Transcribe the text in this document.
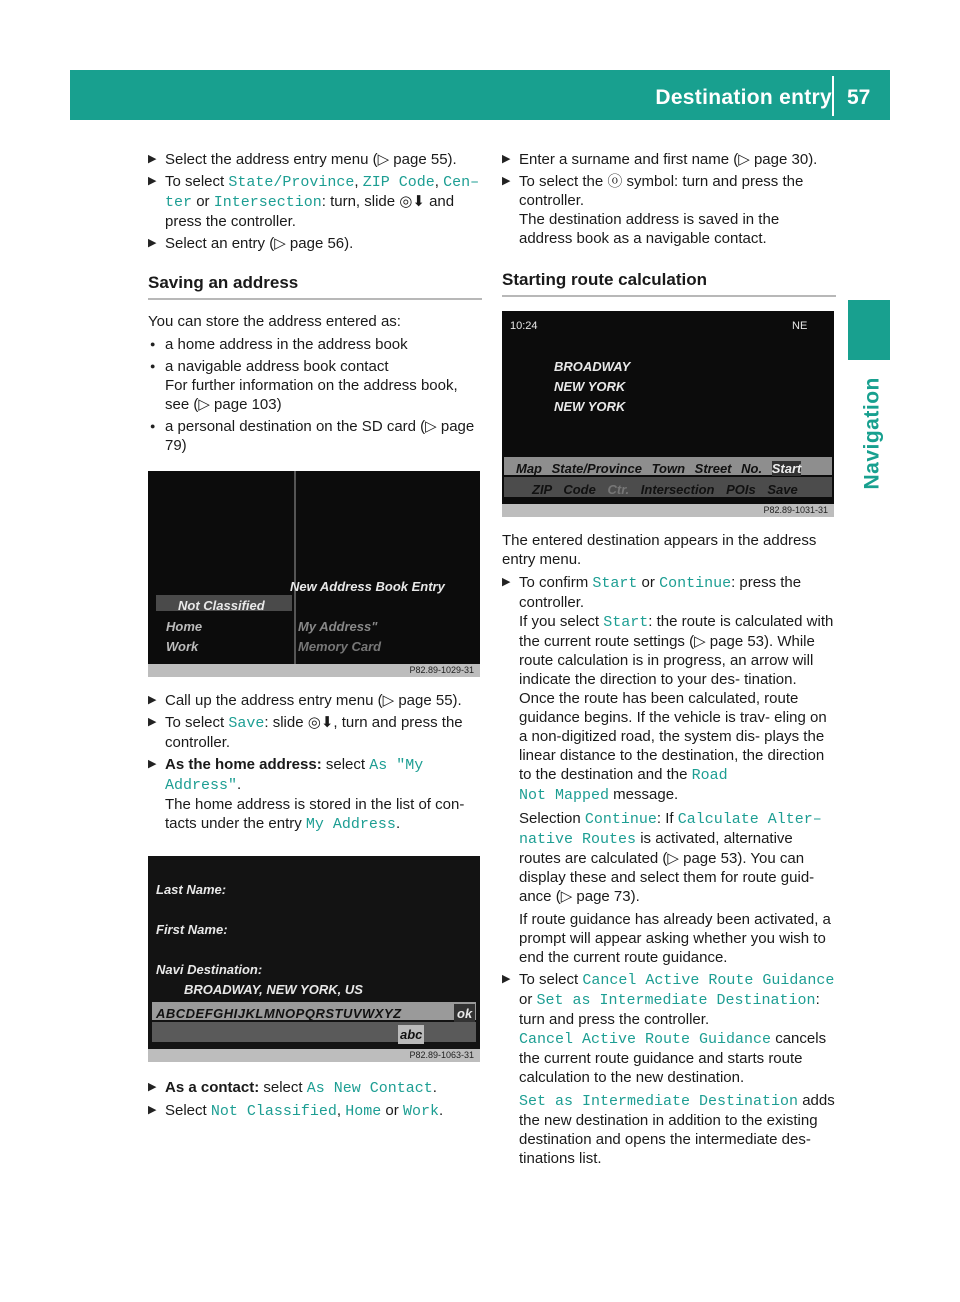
Destination entry 57
Navigation
▶ Select the address entry menu (▷ page 55).
▶ To select State/Province, ZIP Code, Cen–
ter or Intersection: turn, slide ◎⬇ and press the controller.
▶ Select an entry (▷ page 56).
Saving an address

You can store the address entered as:

● a home address in the address book
● a navigable address book contact
For further information on the address book, see (▷ page 103)
● a personal destination on the SD card (▷ page 79)
New Address Book Entry
Not Classified
Home	My Address"
Work	Memory Card
P82.89-1029-31
▶ Call up the address entry menu (▷ page 55).
▶ To select Save: slide ◎⬇, turn and press the controller.
▶ As the home address: select As "My
Address".
The home address is stored in the list of con- tacts under the entry My Address.
Last Name:
First Name:
Navi Destination:
BROADWAY, NEW YORK, US
ABCDEFGHIJKLMNOPQRSTUVWXYZ	ok
abc
P82.89-1063-31
▶ As a contact: select As New Contact.
▶ Select Not Classified, Home or Work.
▶ Enter a surname and first name (▷ page 30).
▶ To select the ⓞ symbol: turn and press the controller.
The destination address is saved in the address book as a navigable contact.
Starting route calculation
10:24	NE
BROADWAY
NEW YORK
NEW YORK
Map State/Province Town Street No. Start
ZIP Code Ctr. Intersection POIs Save
P82.89-1031-31

The entered destination appears in the address entry menu.

▶ To confirm Start or Continue: press the controller.
If you select Start: the route is calculated with the current route settings (▷ page 53). While route calculation is in progress, an arrow will indicate the direction to your des- tination. Once the route has been calculated, route guidance begins. If the vehicle is trav- eling on a non-digitized road, the system dis- plays the linear distance to the destination, the direction to the destination and the Road
Not Mapped message.
Selection Continue: If Calculate Alter–
native Routes is activated, alternative routes are calculated (▷ page 53). You can display these and select them for route guid- ance (▷ page 73).
If route guidance has already been activated, a prompt will appear asking whether you wish to end the current route guidance.
▶ To select Cancel Active Route Guidance
or Set as Intermediate Destination:
turn and press the controller.
Cancel Active Route Guidance cancels the current route guidance and starts route calculation to the new destination.
Set as Intermediate Destination adds the new destination in addition to the existing destination and opens the intermediate des- tinations list.
